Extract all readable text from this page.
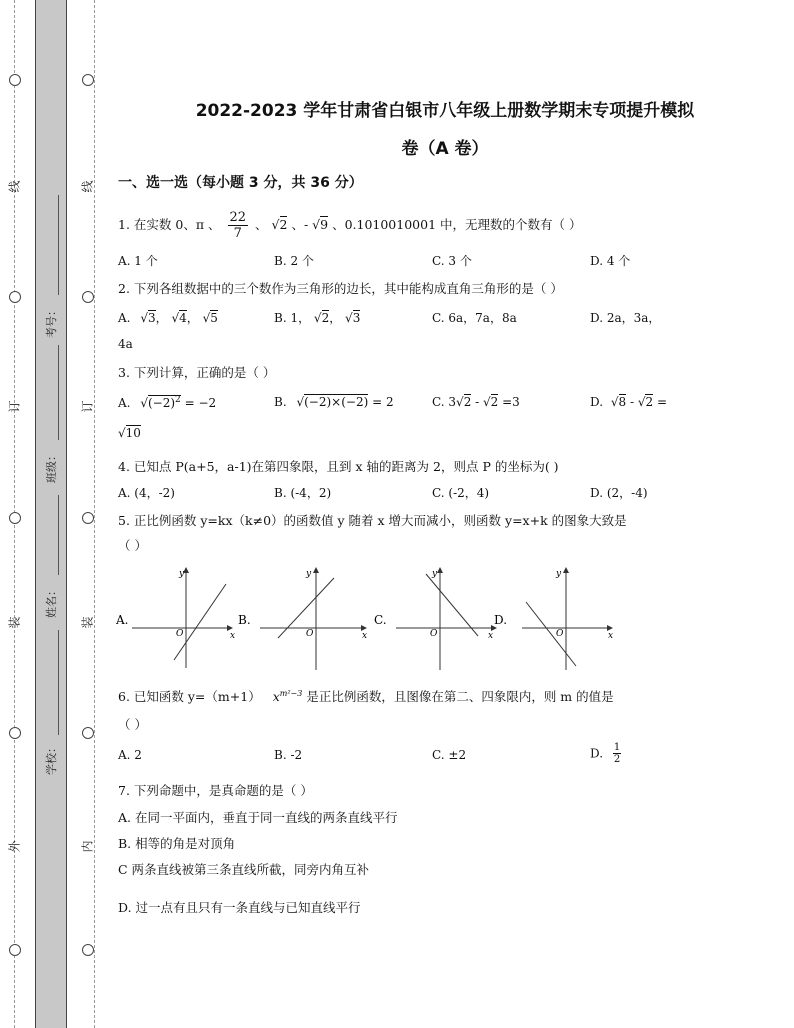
线
订
装
外
线
订
装
内
考号：
班级：
姓名：
学校：
2022-2023 学年甘肃省白银市八年级上册数学期末专项提升模拟
卷（A 卷）
一、选一选（每小题 3 分，共 36 分）
1. 在实数 0、π 、 $\frac{22}{7}$ 、 √2 、- √9 、0.1010010001 中，无理数的个数有（ ）
A. 1 个	B. 2 个	C. 3 个	D. 4 个
2. 下列各组数据中的三个数作为三角形的边长，其中能构成直角三角形的是（ ）
A. √3， √4， √5	B. 1， √2， √3	C. 6a，7a，8a	D. 2a，3a，
4a
3. 下列计算，正确的是（ ）
A. $√(-2)^2 = -2$	B. √(−2)×(−2) = 2	C. 3√2 - √2 =3	D. √8 - √2 =
√10
4. 已知点 P(a+5，a-1)在第四象限，且到 x 轴的距离为 2，则点 P 的坐标为( )
A. (4，-2)	B. (-4，2)	C. (-2，4)	D. (2，-4)
5. 正比例函数 y=kx（k≠0）的函数值 y 随着 x 增大而减小，则函数 y=x+k 的图象大致是
（ ）
A.
y
x
O
B.
y
x
O
C.
y
x
O
D.
y
x
O
6. 已知函数 y=（m+1） $x^{m^2-3}$ 是正比例函数，且图像在第二、四象限内，则 m 的值是
（ ）
A. 2	B. -2	C. ±2	D. $\frac{1}{2}$
7. 下列命题中，是真命题的是（ ）
A. 在同一平面内，垂直于同一直线的两条直线平行
B. 相等的角是对顶角
C 两条直线被第三条直线所截，同旁内角互补
D. 过一点有且只有一条直线与已知直线平行
